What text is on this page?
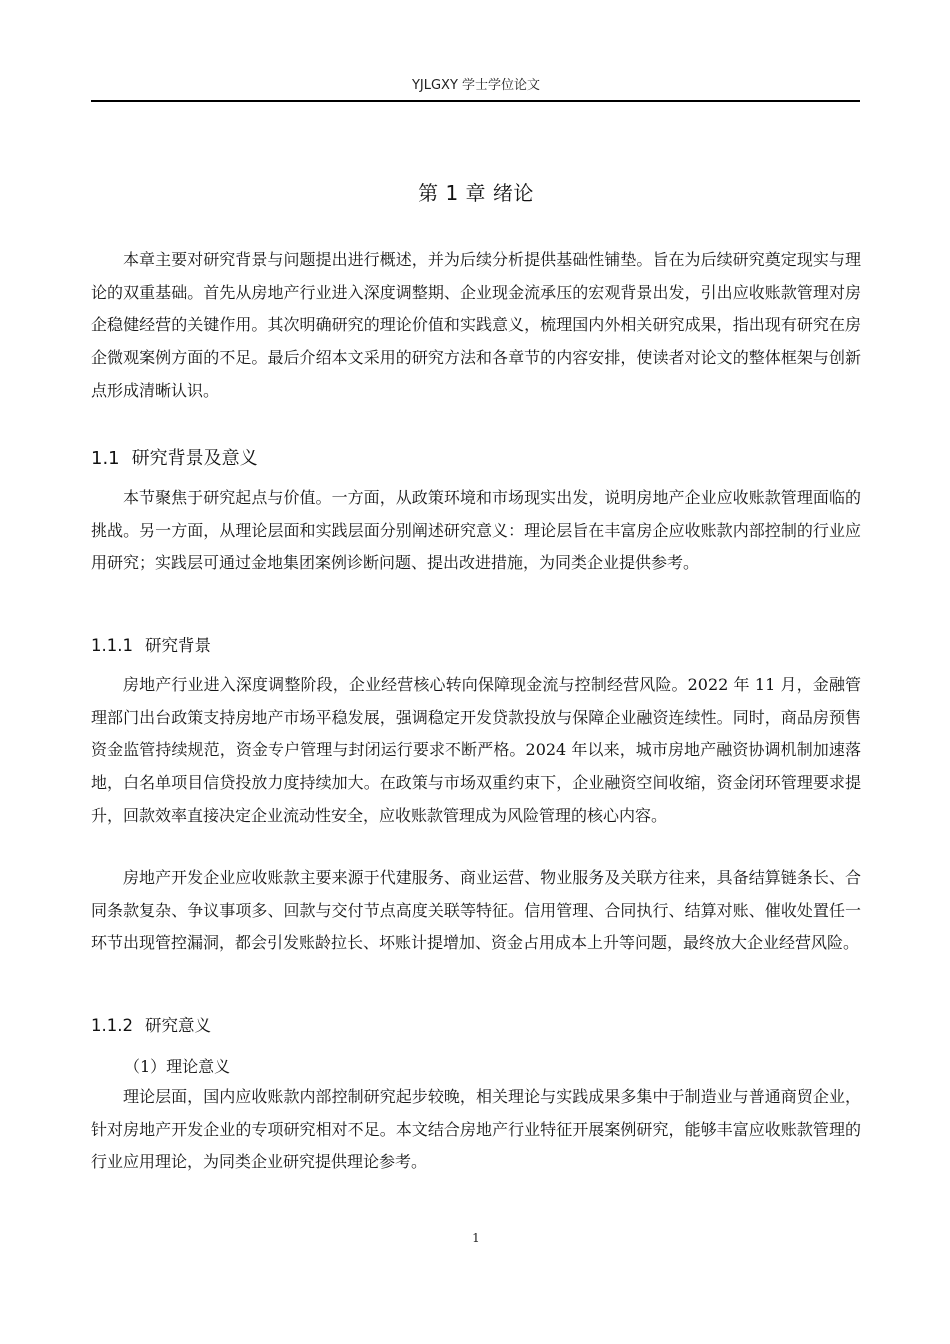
YJLGXY 学士学位论文
第 1 章 绪论

本章主要对研究背景与问题提出进行概述，并为后续分析提供基础性铺垫。旨在为后续研究奠定现实与理论的双重基础。首先从房地产行业进入深度调整期、企业现金流承压的宏观背景出发，引出应收账款管理对房企稳健经营的关键作用。其次明确研究的理论价值和实践意义，梳理国内外相关研究成果，指出现有研究在房企微观案例方面的不足。最后介绍本文采用的研究方法和各章节的内容安排，使读者对论文的整体框架与创新点形成清晰认识。

1.1 研究背景及意义

本节聚焦于研究起点与价值。一方面，从政策环境和市场现实出发，说明房地产企业应收账款管理面临的挑战。另一方面，从理论层面和实践层面分别阐述研究意义：理论层旨在丰富房企应收账款内部控制的行业应用研究；实践层可通过金地集团案例诊断问题、提出改进措施，为同类企业提供参考。

1.1.1 研究背景

房地产行业进入深度调整阶段，企业经营核心转向保障现金流与控制经营风险。2022 年 11 月，金融管理部门出台政策支持房地产市场平稳发展，强调稳定开发贷款投放与保障企业融资连续性。同时，商品房预售资金监管持续规范，资金专户管理与封闭运行要求不断严格。2024 年以来，城市房地产融资协调机制加速落地，白名单项目信贷投放力度持续加大。在政策与市场双重约束下，企业融资空间收缩，资金闭环管理要求提升，回款效率直接决定企业流动性安全，应收账款管理成为风险管理的核心内容。

房地产开发企业应收账款主要来源于代建服务、商业运营、物业服务及关联方往来，具备结算链条长、合同条款复杂、争议事项多、回款与交付节点高度关联等特征。信用管理、合同执行、结算对账、催收处置任一环节出现管控漏洞，都会引发账龄拉长、坏账计提增加、资金占用成本上升等问题，最终放大企业经营风险。

1.1.2 研究意义
（1）理论意义

理论层面，国内应收账款内部控制研究起步较晚，相关理论与实践成果多集中于制造业与普通商贸企业，针对房地产开发企业的专项研究相对不足。本文结合房地产行业特征开展案例研究，能够丰富应收账款管理的行业应用理论，为同类企业研究提供理论参考。

1
